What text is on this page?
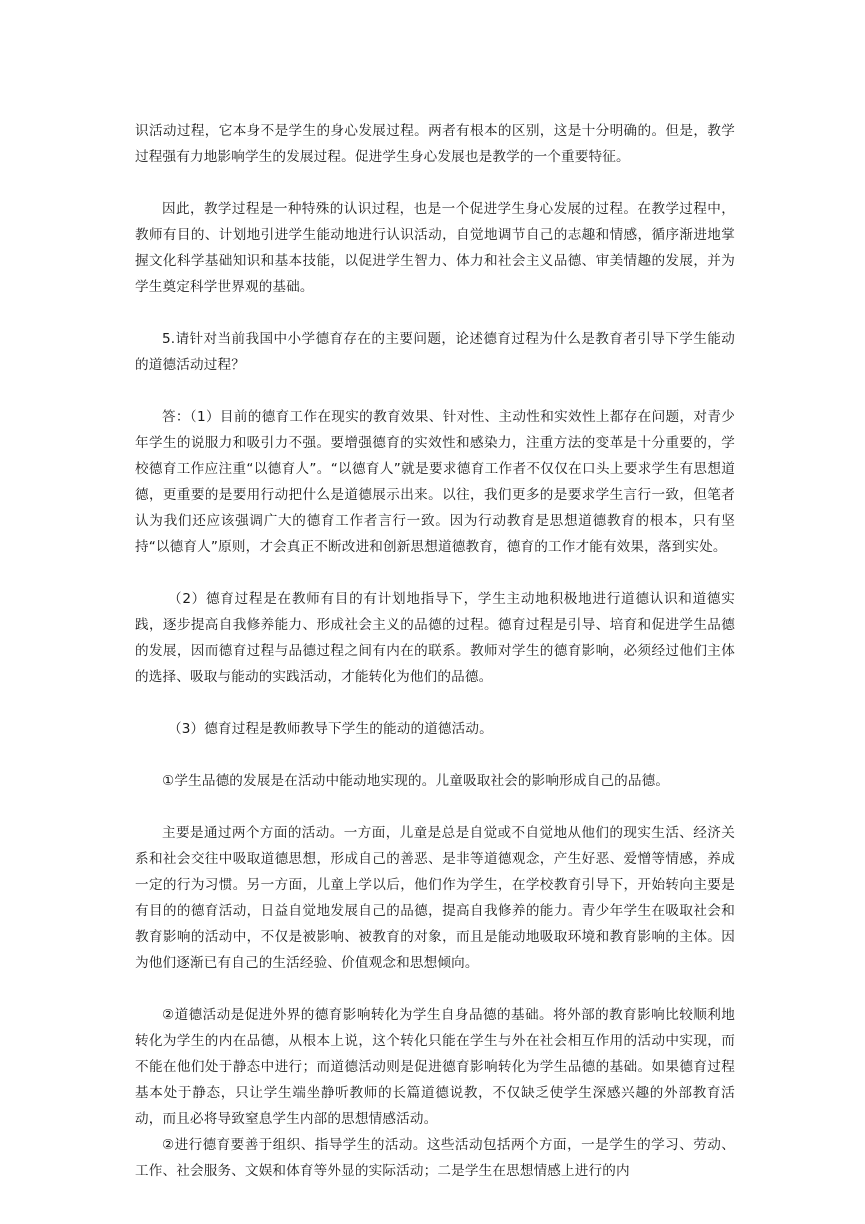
识活动过程，它本身不是学生的身心发展过程。两者有根本的区别，这是十分明确的。但是，教学过程强有力地影响学生的发展过程。促进学生身心发展也是教学的一个重要特征。

因此，教学过程是一种特殊的认识过程，也是一个促进学生身心发展的过程。在教学过程中，教师有目的、计划地引进学生能动地进行认识活动，自觉地调节自己的志趣和情感，循序渐进地掌握文化科学基础知识和基本技能，以促进学生智力、体力和社会主义品德、审美情趣的发展，并为学生奠定科学世界观的基础。

5.请针对当前我国中小学德育存在的主要问题，论述德育过程为什么是教育者引导下学生能动的道德活动过程？

答：（1）目前的德育工作在现实的教育效果、针对性、主动性和实效性上都存在问题，对青少年学生的说服力和吸引力不强。要增强德育的实效性和感染力，注重方法的变革是十分重要的，学校德育工作应注重“以德育人”。“以德育人”就是要求德育工作者不仅仅在口头上要求学生有思想道德，更重要的是要用行动把什么是道德展示出来。以往，我们更多的是要求学生言行一致，但笔者认为我们还应该强调广大的德育工作者言行一致。因为行动教育是思想道德教育的根本，只有坚持“以德育人”原则，才会真正不断改进和创新思想道德教育，德育的工作才能有效果，落到实处。

（2）德育过程是在教师有目的有计划地指导下，学生主动地积极地进行道德认识和道德实践，逐步提高自我修养能力、形成社会主义的品德的过程。德育过程是引导、培育和促进学生品德的发展，因而德育过程与品德过程之间有内在的联系。教师对学生的德育影响，必须经过他们主体的选择、吸取与能动的实践活动，才能转化为他们的品德。

（3）德育过程是教师教导下学生的能动的道德活动。

①学生品德的发展是在活动中能动地实现的。儿童吸取社会的影响形成自己的品德。

主要是通过两个方面的活动。一方面，儿童是总是自觉或不自觉地从他们的现实生活、经济关系和社会交往中吸取道德思想，形成自己的善恶、是非等道德观念，产生好恶、爱憎等情感，养成一定的行为习惯。另一方面，儿童上学以后，他们作为学生，在学校教育引导下，开始转向主要是有目的的德育活动，日益自觉地发展自己的品德，提高自我修养的能力。青少年学生在吸取社会和教育影响的活动中，不仅是被影响、被教育的对象，而且是能动地吸取环境和教育影响的主体。因为他们逐渐已有自己的生活经验、价值观念和思想倾向。

②道德活动是促进外界的德育影响转化为学生自身品德的基础。将外部的教育影响比较顺利地转化为学生的内在品德，从根本上说，这个转化只能在学生与外在社会相互作用的活动中实现，而不能在他们处于静态中进行；而道德活动则是促进德育影响转化为学生品德的基础。如果德育过程基本处于静态，只让学生端坐静听教师的长篇道德说教，不仅缺乏使学生深感兴趣的外部教育活动，而且必将导致窒息学生内部的思想情感活动。

②进行德育要善于组织、指导学生的活动。这些活动包括两个方面，一是学生的学习、劳动、工作、社会服务、文娱和体育等外显的实际活动；二是学生在思想情感上进行的内
